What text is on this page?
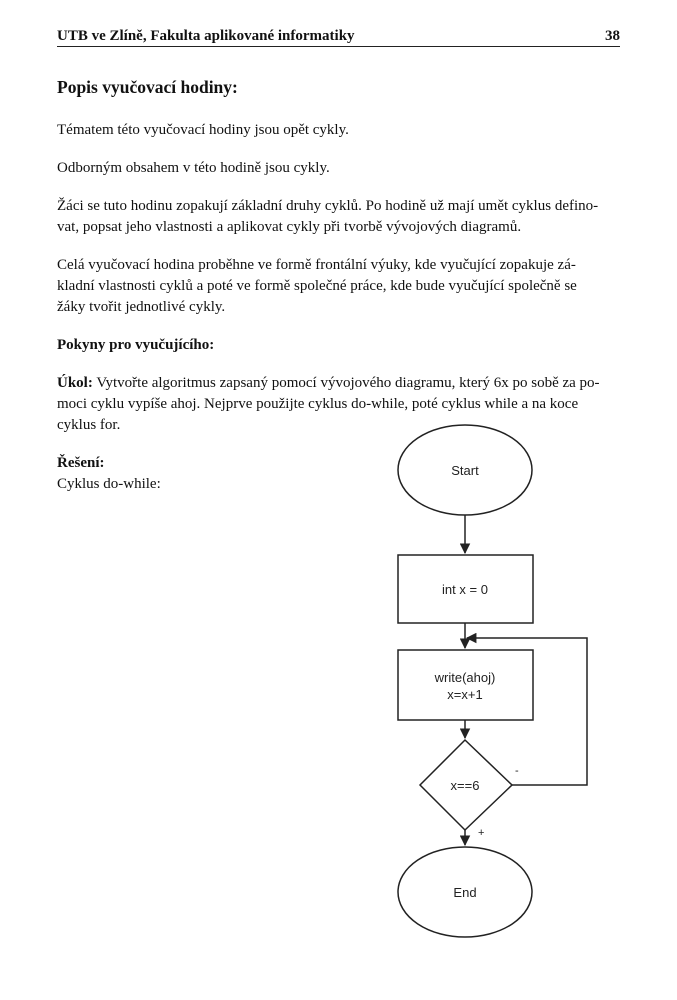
UTB ve Zlíně, Fakulta aplikované informatiky	38
Popis vyučovací hodiny:

Tématem této vyučovací hodiny jsou opět cykly.

Odborným obsahem v této hodině jsou cykly.

Žáci se tuto hodinu zopakují základní druhy cyklů. Po hodině už mají umět cyklus defino-
vat, popsat jeho vlastnosti a aplikovat cykly při tvorbě vývojových diagramů.

Celá vyučovací hodina proběhne ve formě frontální výuky, kde vyučující zopakuje zá-
kladní vlastnosti cyklů a poté ve formě společné práce, kde bude vyučující společně se
žáky tvořit jednotlivé cykly.

Pokyny pro vyučujícího:

Úkol: Vytvořte algoritmus zapsaný pomocí vývojového diagramu, který 6x po sobě za po-
moci cyklu vypíše ahoj. Nejprve použijte cyklus do-while, poté cyklus while a na koce
cyklus for.

Řešení:

Cyklus do-while:

Start
int x = 0
write(ahoj)
x=x+1
x==6
-
+
End
